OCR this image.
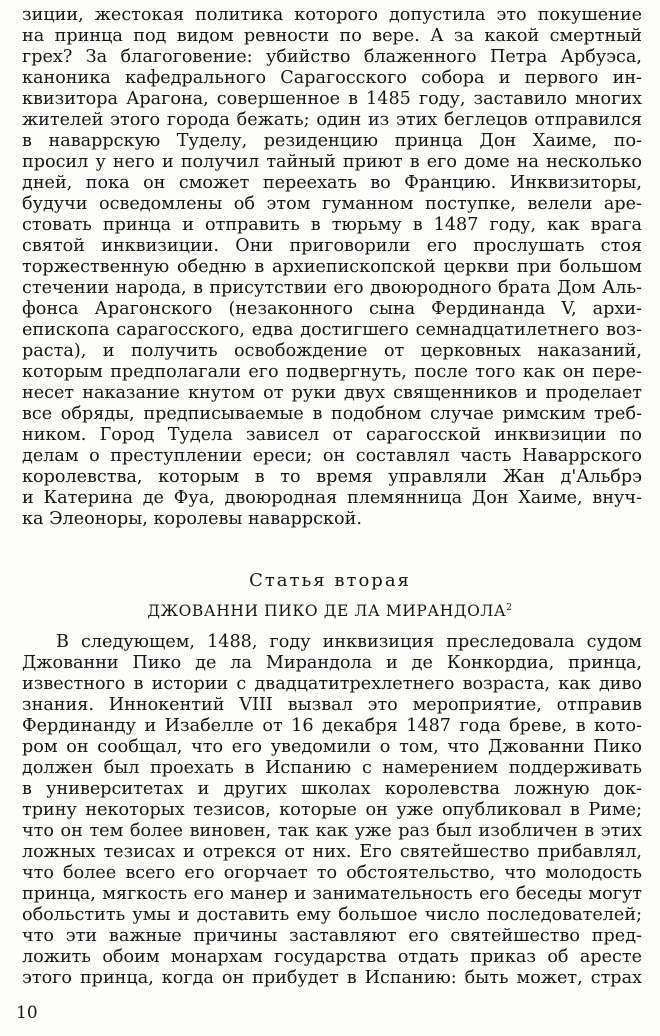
зиции, жестокая политика которого допустила это покушение
на принца под видом ревности по вере. А за какой смертный
грех? За благоговение: убийство блаженного Петра Арбуэса,
каноника кафедрального Сарагосского собора и первого ин-
квизитора Арагона, совершенное в 1485 году, заставило многих
жителей этого города бежать; один из этих беглецов отправился
в наваррскую Туделу, резиденцию принца Дон Хаиме, по-
просил у него и получил тайный приют в его доме на несколько
дней, пока он сможет переехать во Францию. Инквизиторы,
будучи осведомлены об этом гуманном поступке, велели аре-
стовать принца и отправить в тюрьму в 1487 году, как врага
святой инквизиции. Они приговорили его прослушать стоя
торжественную обедню в архиепископской церкви при большом
стечении народа, в присутствии его двоюродного брата Дом Аль-
фонса Арагонского (незаконного сына Фердинанда V, архи-
епископа сарагосского, едва достигшего семнадцатилетнего воз-
раста), и получить освобождение от церковных наказаний,
которым предполагали его подвергнуть, после того как он пере-
несет наказание кнутом от руки двух священников и проделает
все обряды, предписываемые в подобном случае римским треб-
ником. Город Тудела зависел от сарагосской инквизиции по
делам о преступлении ереси; он составлял часть Наваррского
королевства, которым в то время управляли Жан д'Альбрэ
и Катерина де Фуа, двоюродная племянница Дон Хаиме, внуч-
ка Элеоноры, королевы наваррской.
Статья вторая
ДЖОВАННИ ПИКО ДЕ ЛА МИРАНДОЛА$^2$
В следующем, 1488, году инквизиция преследовала судом
Джованни Пико де ла Мирандола и де Конкордиа, принца,
известного в истории с двадцатитрехлетнего возраста, как диво
знания. Иннокентий VIII вызвал это мероприятие, отправив
Фердинанду и Изабелле от 16 декабря 1487 года бреве, в кото-
ром он сообщал, что его уведомили о том, что Джованни Пико
должен был проехать в Испанию с намерением поддерживать
в университетах и других школах королевства ложную док-
трину некоторых тезисов, которые он уже опубликовал в Риме;
что он тем более виновен, так как уже раз был изобличен в этих
ложных тезисах и отрекся от них. Его святейшество прибавлял,
что более всего его огорчает то обстоятельство, что молодость
принца, мягкость его манер и занимательность его беседы могут
обольстить умы и доставить ему большое число последователей;
что эти важные причины заставляют его святейшество пред-
ложить обоим монархам государства отдать приказ об аресте
этого принца, когда он прибудет в Испанию: быть может, страх
10
